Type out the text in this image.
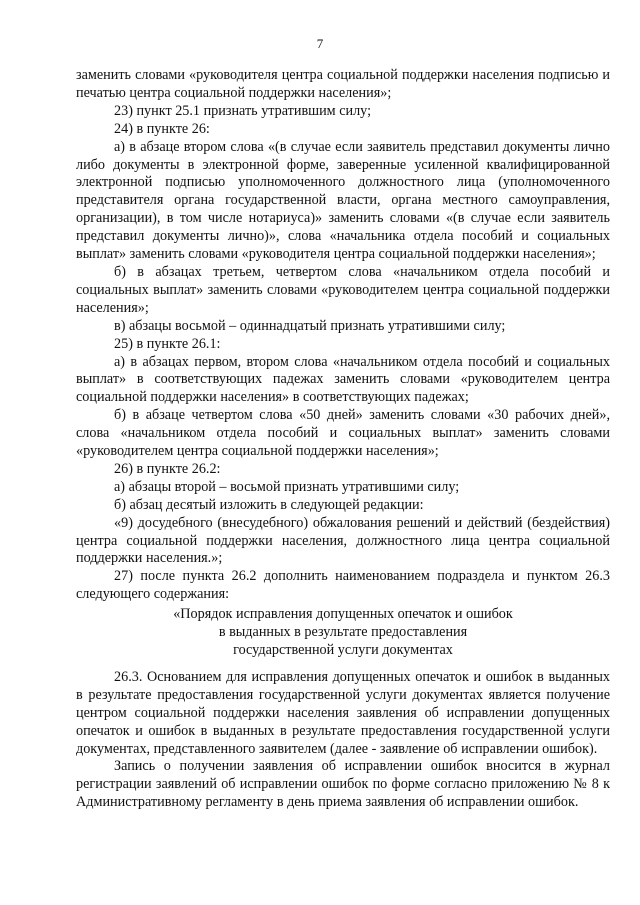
7

заменить словами «руководителя центра социальной поддержки населения подписью и печатью центра социальной поддержки населения»;

23) пункт 25.1 признать утратившим силу;

24) в пункте 26:

а) в абзаце втором слова «(в случае если заявитель представил документы лично либо документы в электронной форме, заверенные усиленной квалифицированной электронной подписью уполномоченного должностного лица (уполномоченного представителя органа государственной власти, органа местного самоуправления, организации), в том числе нотариуса)» заменить словами «(в случае если заявитель представил документы лично)», слова «начальника отдела пособий и социальных выплат» заменить словами «руководителя центра социальной поддержки населения»;

б) в абзацах третьем, четвертом слова «начальником отдела пособий и социальных выплат» заменить словами «руководителем центра социальной поддержки населения»;

в) абзацы восьмой – одиннадцатый признать утратившими силу;

25) в пункте 26.1:

а) в абзацах первом, втором слова «начальником отдела пособий и социальных выплат» в соответствующих падежах заменить словами «руководителем центра социальной поддержки населения» в соответствующих падежах;

б) в абзаце четвертом слова «50 дней» заменить словами «30 рабочих дней», слова «начальником отдела пособий и социальных выплат» заменить словами «руководителем центра социальной поддержки населения»;

26) в пункте 26.2:

а) абзацы второй – восьмой признать утратившими силу;

б) абзац десятый изложить в следующей редакции:

«9) досудебного (внесудебного) обжалования решений и действий (бездействия) центра социальной поддержки населения, должностного лица центра социальной поддержки населения.»;

27) после пункта 26.2 дополнить наименованием подраздела и пунктом 26.3 следующего содержания:

«Порядок исправления допущенных опечаток и ошибок

в выданных в результате предоставления

государственной услуги документах

26.3. Основанием для исправления допущенных опечаток и ошибок в выданных в результате предоставления государственной услуги документах является получение центром социальной поддержки населения заявления об исправлении допущенных опечаток и ошибок в выданных в результате предоставления государственной услуги документах, представленного заявителем (далее - заявление об исправлении ошибок).

Запись о получении заявления об исправлении ошибок вносится в журнал регистрации заявлений об исправлении ошибок по форме согласно приложению № 8 к Административному регламенту в день приема заявления об исправлении ошибок.
